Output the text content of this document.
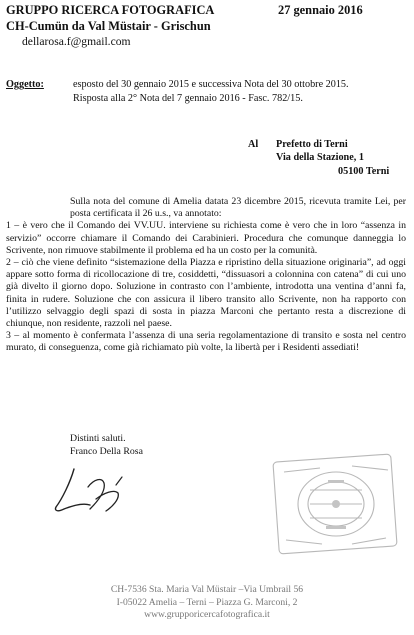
GRUPPO RICERCA FOTOGRAFICA
CH-Cumün da Val Müstair - Grischun
dellarosa.f@gmail.com
27 gennaio 2016
Oggetto:	esposto del 30 gennaio 2015 e successiva Nota del 30 ottobre 2015.
Risposta alla 2° Nota del 7 gennaio 2016 - Fasc. 782/15.
Al Prefetto di Terni
Via della Stazione, 1
05100 Terni

Sulla nota del comune di Amelia datata 23 dicembre 2015, ricevuta tramite Lei, per posta certificata il 26 u.s., va annotato:

1 – è vero che il Comando dei VV.UU. interviene su richiesta come è vero che in loro “assenza in servizio” occorre chiamare il Comando dei Carabinieri. Procedura che comunque danneggia lo Scrivente, non rimuove stabilmente il problema ed ha un costo per la comunità.

2 – ciò che viene definito “sistemazione della Piazza e ripristino della situazione originaria”, ad oggi appare sotto forma di ricollocazione di tre, cosiddetti, “dissuasori a colonnina con catena” di cui uno già divelto il giorno dopo. Soluzione in contrasto con l’ambiente, introdotta una ventina d’anni fa, finita in rudere. Soluzione che con assicura il libero transito allo Scrivente, non ha rapporto con l’utilizzo selvaggio degli spazi di sosta in piazza Marconi che pertanto resta a discrezione di chiunque, non residente, razzoli nel paese.

3 – al momento è confermata l’assenza di una seria regolamentazione di transito e sosta nel centro murato, di conseguenza, come già richiamato più volte, la libertà per i Residenti assediati!

Distinti saluti.
Franco Della Rosa
CH-7536 Sta. Maria Val Müstair –Via Umbrail 56
I-05022 Amelia – Terni – Piazza G. Marconi, 2
www.grupporicercafotografica.it
